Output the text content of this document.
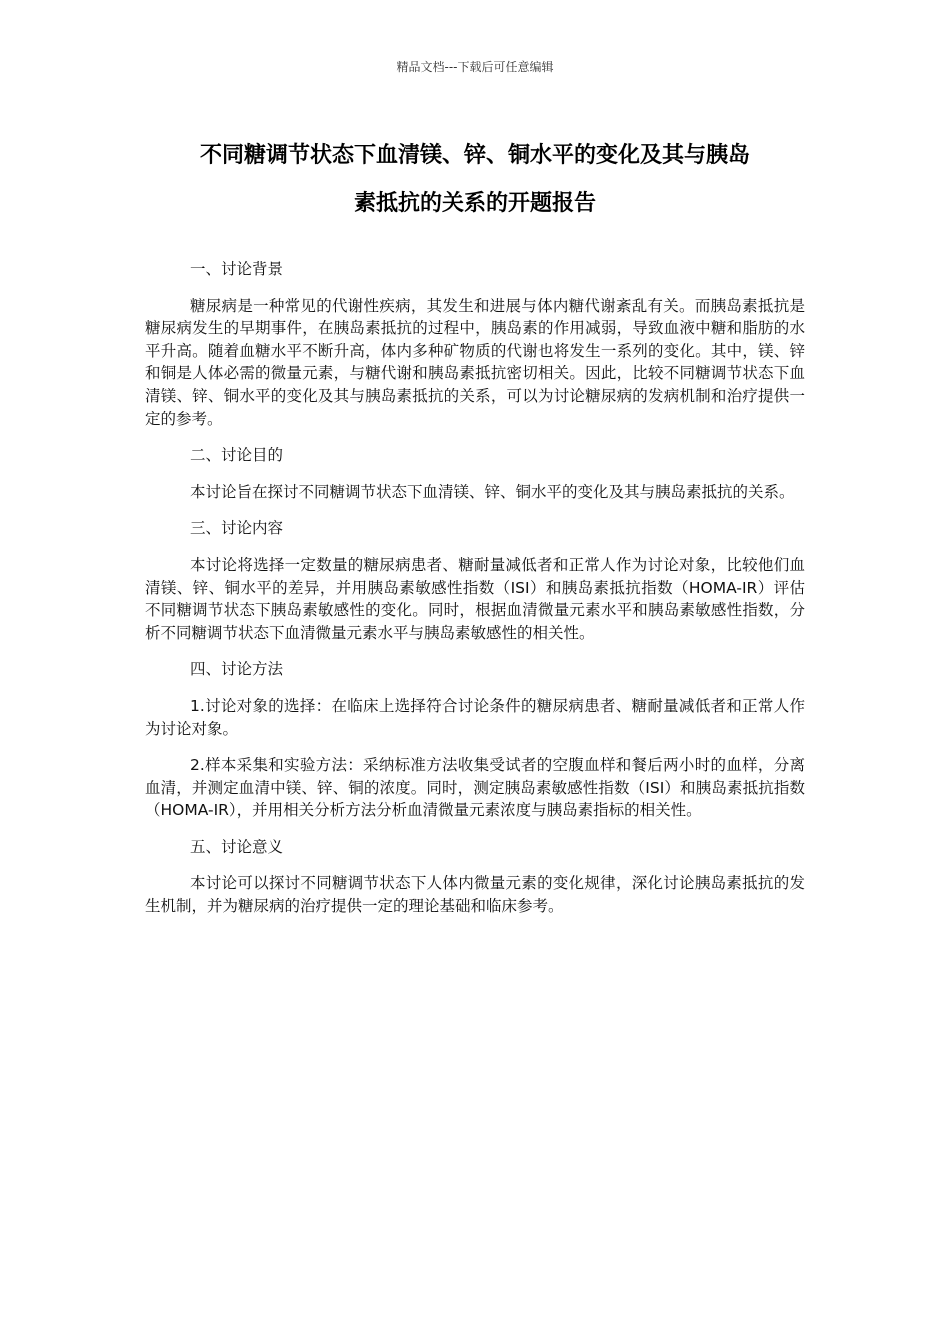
精品文档---下载后可任意编辑
不同糖调节状态下血清镁、锌、铜水平的变化及其与胰岛
素抵抗的关系的开题报告
一、讨论背景
糖尿病是一种常见的代谢性疾病，其发生和进展与体内糖代谢紊乱有关。而胰岛素抵抗是糖尿病发生的早期事件，在胰岛素抵抗的过程中，胰岛素的作用减弱，导致血液中糖和脂肪的水平升高。随着血糖水平不断升高，体内多种矿物质的代谢也将发生一系列的变化。其中，镁、锌和铜是人体必需的微量元素，与糖代谢和胰岛素抵抗密切相关。因此，比较不同糖调节状态下血清镁、锌、铜水平的变化及其与胰岛素抵抗的关系，可以为讨论糖尿病的发病机制和治疗提供一定的参考。
二、讨论目的
本讨论旨在探讨不同糖调节状态下血清镁、锌、铜水平的变化及其与胰岛素抵抗的关系。
三、讨论内容
本讨论将选择一定数量的糖尿病患者、糖耐量减低者和正常人作为讨论对象，比较他们血清镁、锌、铜水平的差异，并用胰岛素敏感性指数（ISI）和胰岛素抵抗指数（HOMA-IR）评估不同糖调节状态下胰岛素敏感性的变化。同时，根据血清微量元素水平和胰岛素敏感性指数，分析不同糖调节状态下血清微量元素水平与胰岛素敏感性的相关性。
四、讨论方法
1.讨论对象的选择：在临床上选择符合讨论条件的糖尿病患者、糖耐量减低者和正常人作为讨论对象。
2.样本采集和实验方法：采纳标准方法收集受试者的空腹血样和餐后两小时的血样，分离血清，并测定血清中镁、锌、铜的浓度。同时，测定胰岛素敏感性指数（ISI）和胰岛素抵抗指数（HOMA-IR），并用相关分析方法分析血清微量元素浓度与胰岛素指标的相关性。
五、讨论意义
本讨论可以探讨不同糖调节状态下人体内微量元素的变化规律，深化讨论胰岛素抵抗的发生机制，并为糖尿病的治疗提供一定的理论基础和临床参考。
